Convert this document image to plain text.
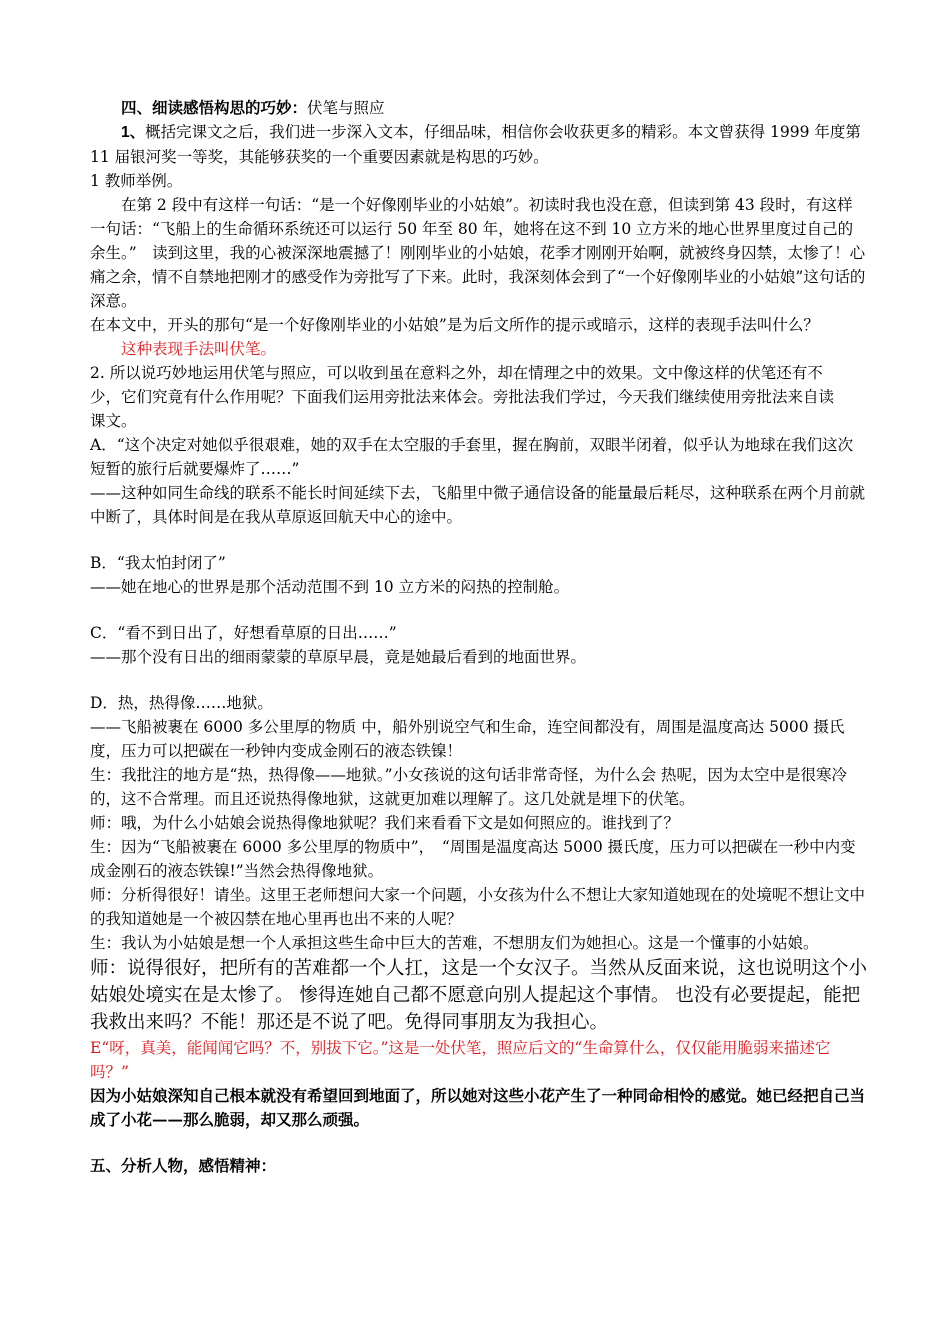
四、细读感悟构思的巧妙：伏笔与照应

1、概括完课文之后，我们进一步深入文本，仔细品味，相信你会收获更多的精彩。本文曾获得 1999 年度第 11 届银河奖一等奖，其能够获奖的一个重要因素就是构思的巧妙。

1 教师举例。

在第 2 段中有这样一句话：“是一个好像刚毕业的小姑娘”。初读时我也没在意，但读到第 43 段时，有这样一句话：“飞船上的生命循环系统还可以运行 50 年至 80 年，她将在这不到 10 立方米的地心世界里度过自己的余生。”　读到这里，我的心被深深地震撼了！刚刚毕业的小姑娘，花季才刚刚开始啊，就被终身囚禁，太惨了！心痛之余，情不自禁地把刚才的感受作为旁批写了下来。此时，我深刻体会到了“一个好像刚毕业的小姑娘”这句话的深意。

在本文中，开头的那句“是一个好像刚毕业的小姑娘”是为后文所作的提示或暗示，这样的表现手法叫什么？

这种表现手法叫伏笔。

2. 所以说巧妙地运用伏笔与照应，可以收到虽在意料之外，却在情理之中的效果。文中像这样的伏笔还有不少，它们究竟有什么作用呢？下面我们运用旁批法来体会。旁批法我们学过，今天我们继续使用旁批法来自读课文。

A．“这个决定对她似乎很艰难，她的双手在太空服的手套里，握在胸前，双眼半闭着，似乎认为地球在我们这次短暂的旅行后就要爆炸了……”

——这种如同生命线的联系不能长时间延续下去，飞船里中微子通信设备的能量最后耗尽，这种联系在两个月前就中断了，具体时间是在我从草原返回航天中心的途中。

B．“我太怕封闭了”

——她在地心的世界是那个活动范围不到 10 立方米的闷热的控制舱。

C．“看不到日出了，好想看草原的日出……”

——那个没有日出的细雨蒙蒙的草原早晨，竟是她最后看到的地面世界。

D．热，热得像……地狱。

——飞船被裹在 6000 多公里厚的物质 中，船外别说空气和生命，连空间都没有，周围是温度高达 5000 摄氏度，压力可以把碳在一秒钟内变成金刚石的液态铁镍！

生：我批注的地方是“热，热得像——地狱。”小女孩说的这句话非常奇怪，为什么会 热呢，因为太空中是很寒冷的，这不合常理。而且还说热得像地狱，这就更加难以理解了。这几处就是埋下的伏笔。

师：哦，为什么小姑娘会说热得像地狱呢？我们来看看下文是如何照应的。谁找到了？

生：因为“飞船被裹在 6000 多公里厚的物质中”，　“周围是温度高达 5000 摄氏度，压力可以把碳在一秒中内变成金刚石的液态铁镍!”当然会热得像地狱。

师：分析得很好！请坐。这里王老师想问大家一个问题，小女孩为什么不想让大家知道她现在的处境呢不想让文中的我知道她是一个被囚禁在地心里再也出不来的人呢？

生：我认为小姑娘是想一个人承担这些生命中巨大的苦难，不想朋友们为她担心。这是一个懂事的小姑娘。

师：说得很好，把所有的苦难都一个人扛，这是一个女汉子。当然从反面来说，这也说明这个小姑娘处境实在是太惨了。 惨得连她自己都不愿意向别人提起这个事情。 也没有必要提起，能把我救出来吗？不能！那还是不说了吧。免得同事朋友为我担心。

E“呀，真美，能闻闻它吗？不，别拔下它。”这是一处伏笔，照应后文的“生命算什么，仅仅能用脆弱来描述它吗？”

因为小姑娘深知自己根本就没有希望回到地面了，所以她对这些小花产生了一种同命相怜的感觉。她已经把自己当成了小花——那么脆弱，却又那么顽强。

五、分析人物，感悟精神：
